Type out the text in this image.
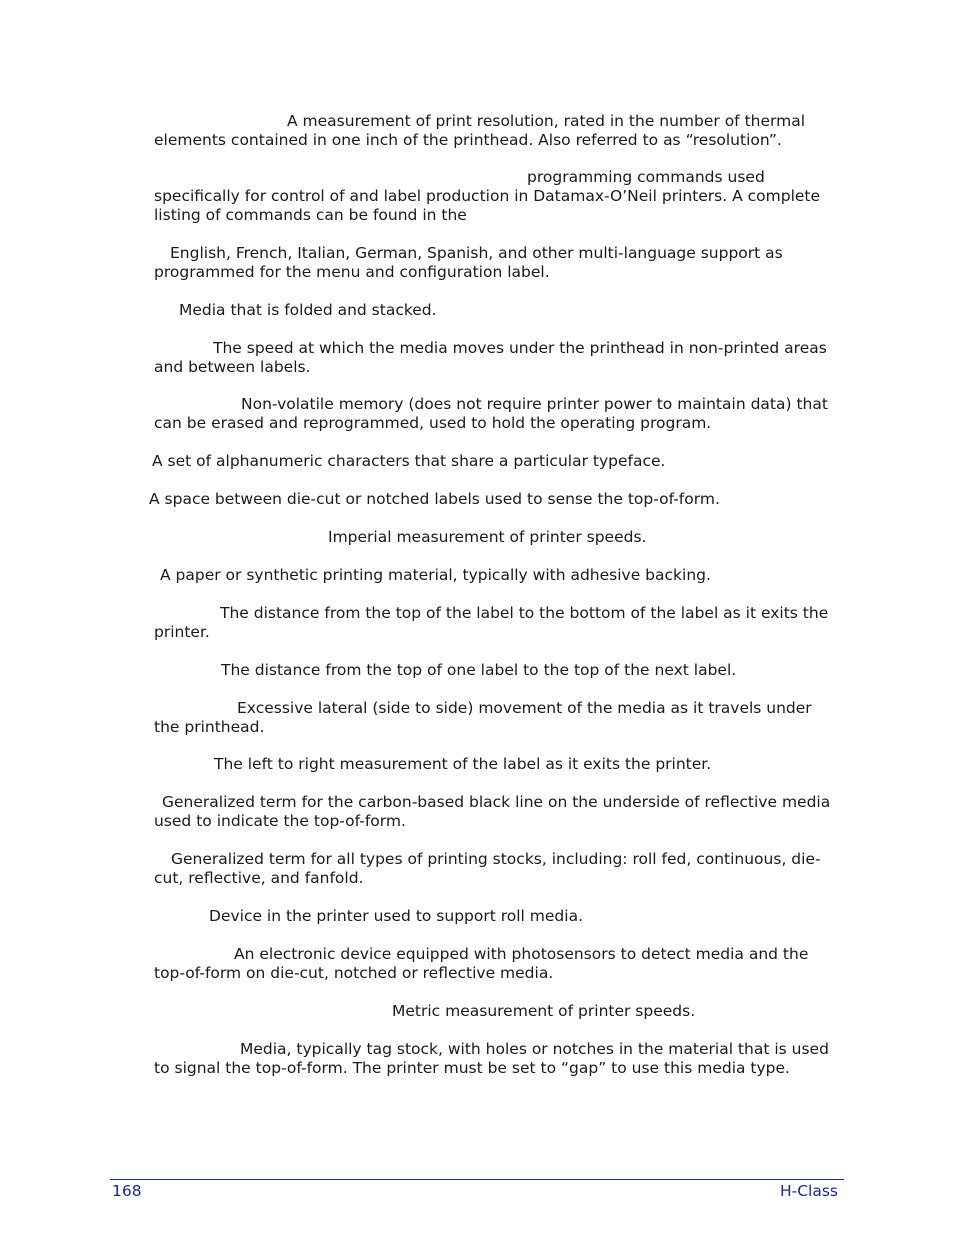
A measurement of print resolution, rated in the number of thermal
elements contained in one inch of the printhead. Also referred to as “resolution”.
programming commands used
specifically for control of and label production in Datamax-O’Neil printers. A complete
listing of commands can be found in the
English, French, Italian, German, Spanish, and other multi-language support as
programmed for the menu and configuration label.
Media that is folded and stacked.
The speed at which the media moves under the printhead in non-printed areas
and between labels.
Non-volatile memory (does not require printer power to maintain data) that
can be erased and reprogrammed, used to hold the operating program.
A set of alphanumeric characters that share a particular typeface.
A space between die-cut or notched labels used to sense the top-of-form.
Imperial measurement of printer speeds.
A paper or synthetic printing material, typically with adhesive backing.
The distance from the top of the label to the bottom of the label as it exits the
printer.
The distance from the top of one label to the top of the next label.
Excessive lateral (side to side) movement of the media as it travels under
the printhead.
The left to right measurement of the label as it exits the printer.
Generalized term for the carbon-based black line on the underside of reflective media
used to indicate the top-of-form.
Generalized term for all types of printing stocks, including: roll fed, continuous, die-
cut, reflective, and fanfold.
Device in the printer used to support roll media.
An electronic device equipped with photosensors to detect media and the
top-of-form on die-cut, notched or reflective media.
Metric measurement of printer speeds.
Media, typically tag stock, with holes or notches in the material that is used
to signal the top-of-form. The printer must be set to “gap” to use this media type.
168	H-Class
